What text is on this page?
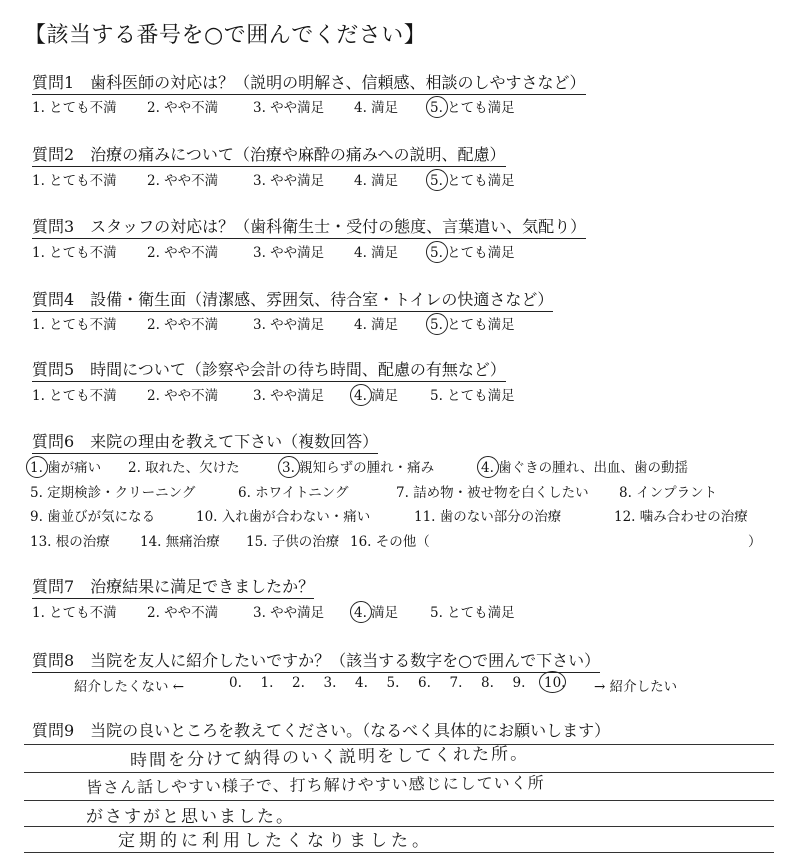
【該当する番号を○で囲んでください】
質問1　歯科医師の対応は？（説明の明解さ、信頼感、相談のしやすさなど）
1. とても不満 2. やや不満	3. やや満足 4. 満足 5. とても満足
質問2　治療の痛みについて（治療や麻酔の痛みへの説明、配慮）
1. とても不満 2. やや不満	3. やや満足 4. 満足 5. とても満足
質問3　スタッフの対応は？（歯科衛生士・受付の態度、言葉遣い、気配り）
1. とても不満 2. やや不満	3. やや満足 4. 満足 5. とても満足
質問4　設備・衛生面（清潔感、雰囲気、待合室・トイレの快適さなど）
1. とても不満 2. やや不満	3. やや満足 4. 満足 5. とても満足
質問5　時間について（診察や会計の待ち時間、配慮の有無など）
1. とても不満 2. やや不満	3. やや満足 4. 満足 5. とても満足
質問6　来院の理由を教えて下さい（複数回答）
1. 歯が痛い 2. 取れた、欠けた	3. 親知らずの腫れ・痛み	4. 歯ぐきの腫れ、出血、歯の動揺
5. 定期検診・クリーニング	6. ホワイトニング	7. 詰め物・被せ物を白くしたい 8. インプラント
9. 歯並びが気になる	10. 入れ歯が合わない・痛い	11. 歯のない部分の治療	12. 噛み合わせの治療
13. 根の治療 14. 無痛治療 15. 子供の治療 16. その他（	）
質問7　治療結果に満足できましたか？
1. とても不満 2. やや不満	3. やや満足 4. 満足 5. とても満足
質問8　当院を友人に紹介したいですか？（該当する数字を○で囲んで下さい）
紹介したくない ←	0. 1. 2. 3. 4. 5. 6. 7. 8. 9. 10. → 紹介したい
質問9　当院の良いところを教えてください。（なるべく具体的にお願いします）
時間を分けて納得のいく説明をしてくれた所。
皆さん話しやすい様子で、打ち解けやすい感じにしていく所
がさすがと思いました。
定期的に利用したくなりました。
